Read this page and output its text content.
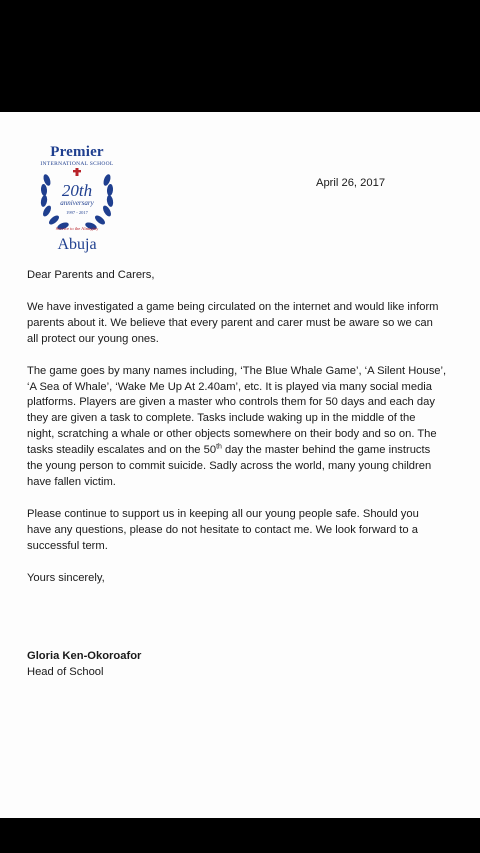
Premier
INTERNATIONAL SCHOOL
20th
anniversary
1997 - 2017
Service to the Almighty
Abuja
April 26, 2017

Dear Parents and Carers,

We have investigated a game being circulated on the internet and would like inform
parents about it. We believe that every parent and carer must be aware so we can
all protect our young ones.

The game goes by many names including, ‘The Blue Whale Game’, ‘A Silent House’,
‘A Sea of Whale’, ‘Wake Me Up At 2.40am’, etc. It is played via many social media
platforms. Players are given a master who controls them for 50 days and each day
they are given a task to complete. Tasks include waking up in the middle of the
night, scratching a whale or other objects somewhere on their body and so on. The
tasks steadily escalates and on the 50th day the master behind the game instructs
the young person to commit suicide. Sadly across the world, many young children
have fallen victim.

Please continue to support us in keeping all our young people safe. Should you
have any questions, please do not hesitate to contact me. We look forward to a
successful term.

Yours sincerely,

Gloria Ken-Okoroafor
Head of School
